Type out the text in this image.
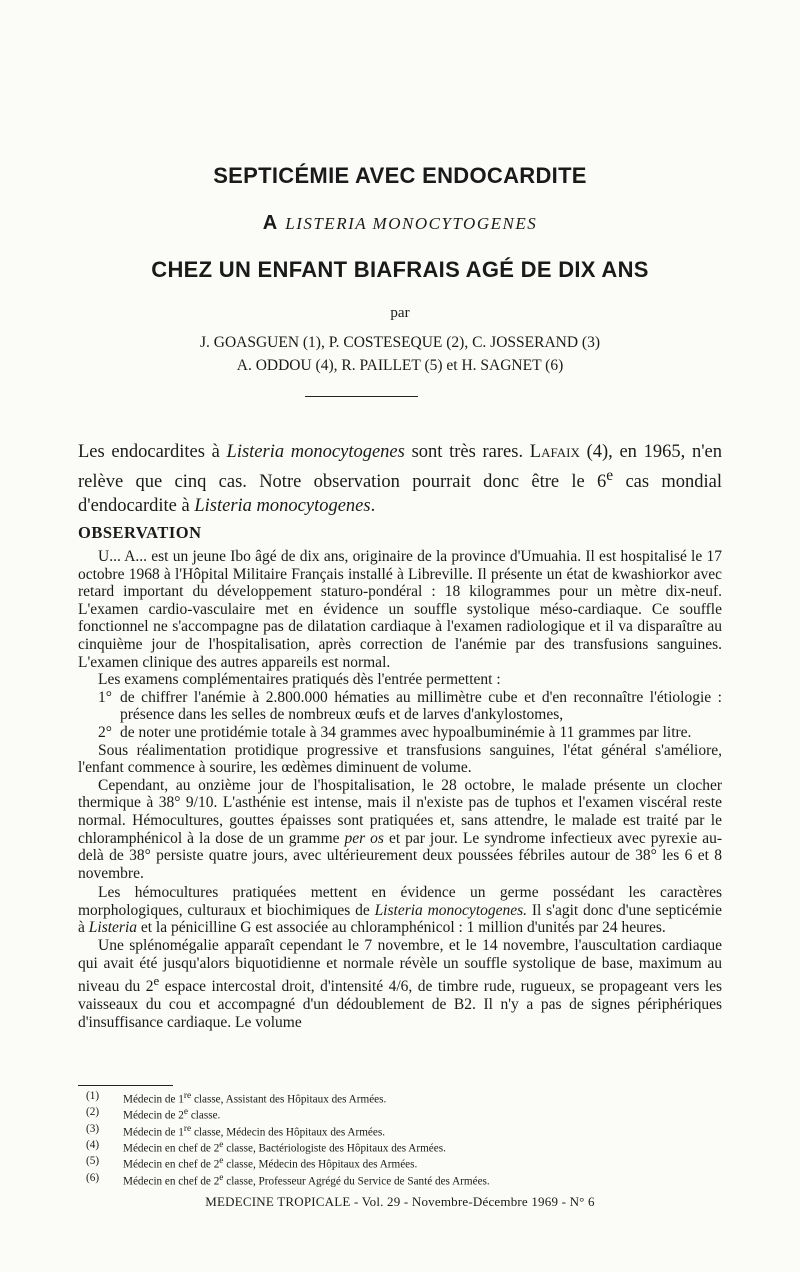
SEPTICÉMIE AVEC ENDOCARDITE
A LISTERIA MONOCYTOGENES
CHEZ UN ENFANT BIAFRAIS AGÉ DE DIX ANS
par
J. GOASGUEN (1), P. COSTESEQUE (2), C. JOSSERAND (3)
A. ODDOU (4), R. PAILLET (5) et H. SAGNET (6)

Les endocardites à Listeria monocytogenes sont très rares. Lafaix (4), en 1965, n'en relève que cinq cas. Notre observation pourrait donc être le 6e cas mondial d'endocardite à Listeria monocytogenes.

OBSERVATION

U... A... est un jeune Ibo âgé de dix ans, originaire de la province d'Umuahia. Il est hospitalisé le 17 octobre 1968 à l'Hôpital Militaire Français installé à Libreville. Il présente un état de kwashiorkor avec retard important du développement staturo-pondéral : 18 kilogrammes pour un mètre dix-neuf. L'examen cardio-vasculaire met en évidence un souffle systolique méso-cardiaque. Ce souffle fonctionnel ne s'accompagne pas de dilatation cardiaque à l'examen radiologique et il va disparaître au cinquième jour de l'hospitalisation, après correction de l'anémie par des transfusions sanguines. L'examen clinique des autres appareils est normal.

Les examens complémentaires pratiqués dès l'entrée permettent :

1° de chiffrer l'anémie à 2.800.000 hématies au millimètre cube et d'en reconnaître l'étiologie : présence dans les selles de nombreux œufs et de larves d'ankylostomes,
2° de noter une protidémie totale à 34 grammes avec hypoalbuminémie à 11 grammes par litre.

Sous réalimentation protidique progressive et transfusions sanguines, l'état général s'améliore, l'enfant commence à sourire, les œdèmes diminuent de volume.

Cependant, au onzième jour de l'hospitalisation, le 28 octobre, le malade présente un clocher thermique à 38° 9/10. L'asthénie est intense, mais il n'existe pas de tuphos et l'examen viscéral reste normal. Hémocultures, gouttes épaisses sont pratiquées et, sans attendre, le malade est traité par le chloramphénicol à la dose de un gramme per os et par jour. Le syndrome infectieux avec pyrexie au-delà de 38° persiste quatre jours, avec ultérieurement deux poussées fébriles autour de 38° les 6 et 8 novembre.

Les hémocultures pratiquées mettent en évidence un germe possédant les caractères morphologiques, culturaux et biochimiques de Listeria monocytogenes. Il s'agit donc d'une septicémie à Listeria et la pénicilline G est associée au chloramphénicol : 1 million d'unités par 24 heures.

Une splénomégalie apparaît cependant le 7 novembre, et le 14 novembre, l'auscultation cardiaque qui avait été jusqu'alors biquotidienne et normale révèle un souffle systolique de base, maximum au niveau du 2e espace intercostal droit, d'intensité 4/6, de timbre rude, rugueux, se propageant vers les vaisseaux du cou et accompagné d'un dédoublement de B2. Il n'y a pas de signes périphériques d'insuffisance cardiaque. Le volume

(1)	Médecin de 1re classe, Assistant des Hôpitaux des Armées.
(2)	Médecin de 2e classe.
(3)	Médecin de 1re classe, Médecin des Hôpitaux des Armées.
(4)	Médecin en chef de 2e classe, Bactériologiste des Hôpitaux des Armées.
(5)	Médecin en chef de 2e classe, Médecin des Hôpitaux des Armées.
(6)	Médecin en chef de 2e classe, Professeur Agrégé du Service de Santé des Armées.
MEDECINE TROPICALE - Vol. 29 - Novembre-Décembre 1969 - N° 6
